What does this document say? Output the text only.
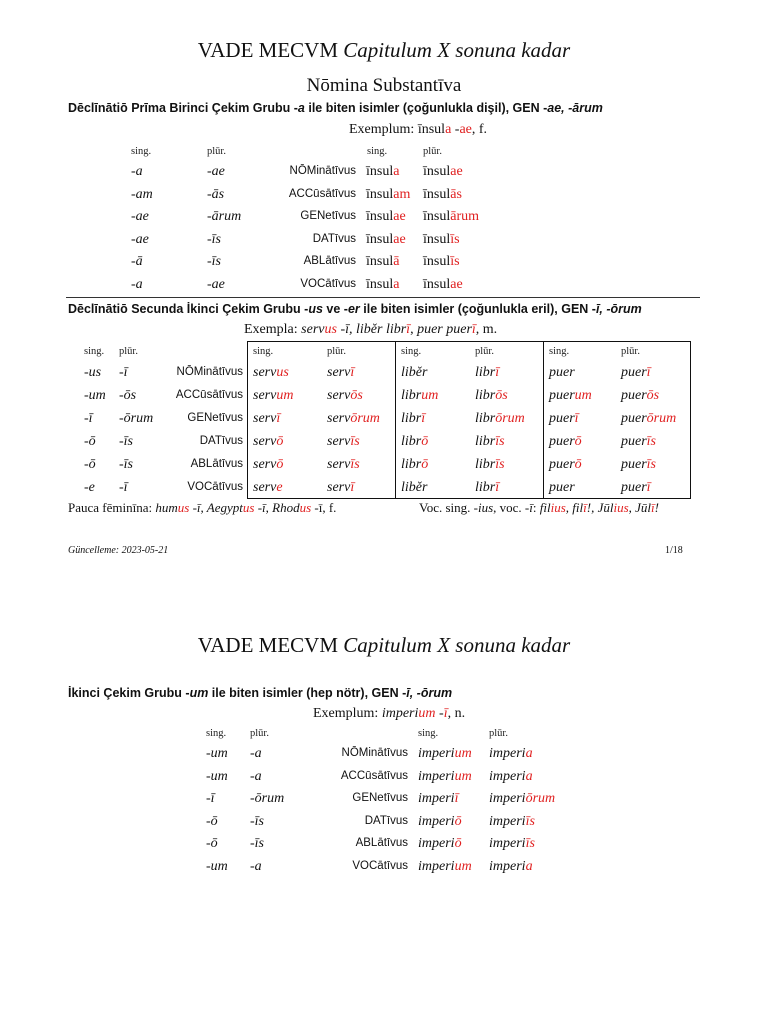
VADE MECVM Capitulum X sonuna kadar
Nōmina Substantīva
Dēclīnātiō Prīma Birinci Çekim Grubu -a ile biten isimler (çoğunlukla dişil), GEN -ae, -ārum
Exemplum: īnsula -ae, f.
sing.	plūr.	sing.	plūr.
-a	-ae	NŌMinātīvus īnsula īnsulae
-am	-ās	ACCūsātīvus īnsulam īnsulās
-ae	-ārum	GENetīvus īnsulae īnsulārum
-ae	-īs	DATīvus īnsulae īnsulīs
-ā	-īs	ABLātīvus īnsulā īnsulīs
-a	-ae	VOCātīvus īnsula īnsulae
Dēclīnātiō Secunda İkinci Çekim Grubu -us ve -er ile biten isimler (çoğunlukla eril), GEN -ī, -ōrum
Exempla: servus -ī, liběr librī, puer puerī, m.
sing. plūr.	sing.	plūr.	sing.	plūr.	sing.	plūr.
-us -ī	NŌMinātīvus servus	servī	liběr	librī	puer	puerī
-um -ōs	ACCūsātīvus servum servōs	librum	librōs	puerum puerōs
-ī -ōrum	GENetīvus servī	servōrum librī	librōrum puerī	puerōrum
-ō -īs	DATīvus servō	servīs	librō	librīs	puerō	puerīs
-ō -īs	ABLātīvus servō	servīs	librō	librīs	puerō	puerīs
-e -ī	VOCātīvus serve	servī	liběr	librī	puer	puerī
Pauca fēminīna: humus -ī, Aegyptus -ī, Rhodus -ī, f.	Voc. sing. -ius, voc. -ī: filius, filī!, Jūlius, Jūlī!
Güncelleme: 2023-05-21	1/18
VADE MECVM Capitulum X sonuna kadar
İkinci Çekim Grubu -um ile biten isimler (hep nötr), GEN -ī, -ōrum
Exemplum: imperium -ī, n.
sing. plūr.	sing.	plūr.
-um -a	NŌMinātīvus imperium imperia
-um -a	ACCūsātīvus imperium imperia
-ī	-ōrum	GENetīvus imperiī imperiōrum
-ō -īs	DATīvus imperiō imperiīs
-ō -īs	ABLātīvus imperiō imperiīs
-um -a	VOCātīvus imperium imperia
